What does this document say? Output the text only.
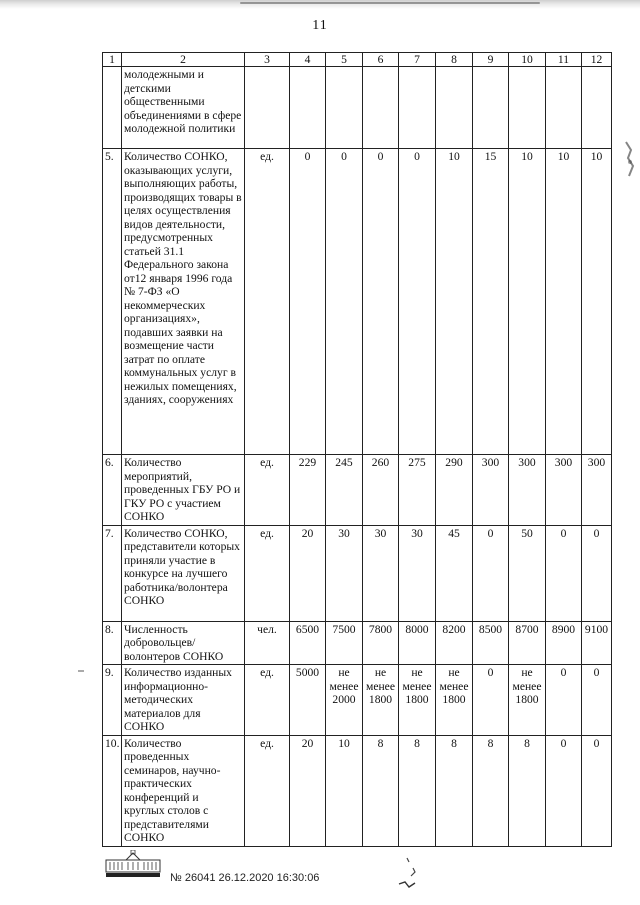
11
1	2	3	4	5	6	7	8	9	10	11	12
	молодежными и детскими общественными объединениями в сфере молодежной политики										
5.	Количество СОНКО, оказывающих услуги, выполняющих работы, производящих товары в целях осуществления видов деятельности, предусмотренных статьей 31.1 Федерального закона от12 января 1996 года № 7-ФЗ «О некоммерческих организациях», подавших заявки на возмещение части затрат по оплате коммунальных услуг в нежилых помещениях, зданиях, сооружениях	ед.	0	0	0	0	10	15	10	10	10
6.	Количество мероприятий, проведенных ГБУ РО и ГКУ РО с участием СОНКО	ед.	229	245	260	275	290	300	300	300	300
7.	Количество СОНКО, представители которых приняли участие в конкурсе на лучшего работника/волонтера СОНКО	ед.	20	30	30	30	45	0	50	0	0
8.	Численность добровольцев/ волонтеров СОНКО	чел.	6500	7500	7800	8000	8200	8500	8700	8900	9100
9.	Количество изданных информационно-методических материалов для СОНКО	ед.	5000	не менее 2000	не менее 1800	не менее 1800	не менее 1800	0	не менее 1800	0	0
10.	Количество проведенных семинаров, научно-практических конференций и круглых столов с представителями СОНКО	ед.	20	10	8	8	8	8	8	0	0
№ 26041 26.12.2020 16:30:06
